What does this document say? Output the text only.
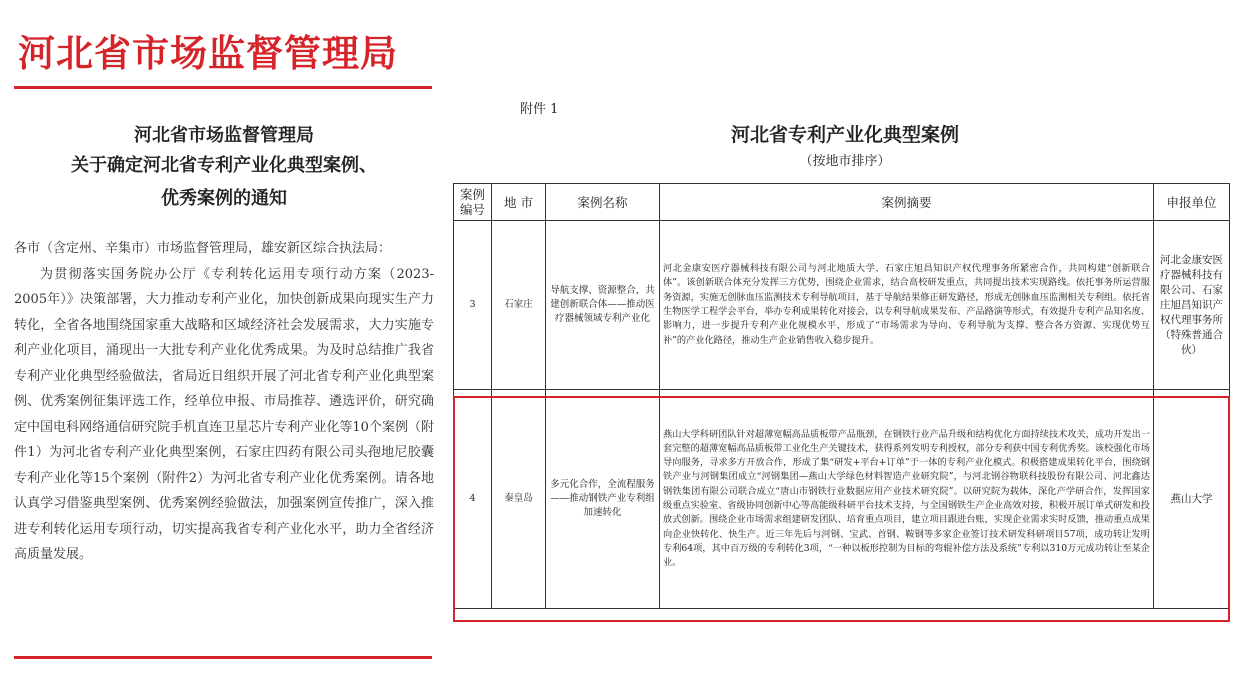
河北省市场监督管理局
河北省市场监督管理局
关于确定河北省专利产业化典型案例、
优秀案例的通知

各市（含定州、辛集市）市场监督管理局，雄安新区综合执法局：

为贯彻落实国务院办公厅《专利转化运用专项行动方案（2023-2005年）》决策部署，大力推动专利产业化，加快创新成果向现实生产力转化，全省各地围绕国家重大战略和区域经济社会发展需求，大力实施专利产业化项目，涌现出一大批专利产业化优秀成果。为及时总结推广我省专利产业化典型经验做法，省局近日组织开展了河北省专利产业化典型案例、优秀案例征集评选工作，经单位申报、市局推荐、遴选评价，研究确定中国电科网络通信研究院手机直连卫星芯片专利产业化等10个案例（附件1）为河北省专利产业化典型案例，石家庄四药有限公司头孢地尼胶囊专利产业化等15个案例（附件2）为河北省专利产业化优秀案例。请各地认真学习借鉴典型案例、优秀案例经验做法，加强案例宣传推广，深入推进专利转化运用专项行动，切实提高我省专利产业化水平，助力全省经济高质量发展。

附件 1
河北省专利产业化典型案例
（按地市排序）
案例编号	地 市	案例名称	案例摘要	申报单位
3	石家庄	导航支撑、资源整合，共建创新联合体——推动医疗器械领域专利产业化	河北金康安医疗器械科技有限公司与河北地质大学、石家庄旭昌知识产权代理事务所紧密合作，共同构建“创新联合体”。该创新联合体充分发挥三方优势，围绕企业需求，结合高校研发重点，共同提出技术实现路线。依托事务所运营服务资源，实施无创脉血压监测技术专利导航项目，基于导航结果修正研发路径，形成无创脉血压监测相关专利组。依托省生物医学工程学会平台，举办专利成果转化对接会，以专利导航成果发布、产品路演等形式，有效提升专利产品知名度、影响力，进一步提升专利产业化规模水平，形成了“市场需求为导向、专利导航为支撑、整合各方资源、实现优势互补”的产业化路径，推动生产企业销售收入稳步提升。	河北金康安医疗器械科技有限公司、石家庄旭昌知识产权代理事务所（特殊普通合伙）
4	秦皇岛	多元化合作，全流程服务——推动钢铁产业专利组加速转化	燕山大学科研团队针对超薄宽幅高品质板带产品瓶颈，在钢铁行业产品升级和结构优化方面持续技术攻关，成功开发出一套完整的超薄宽幅高品质板带工业化生产关键技术，获得系列发明专利授权，部分专利获中国专利优秀奖。该校强化市场导向服务，寻求多方开放合作，形成了集“研发+平台+订单”于一体的专利产业化模式。积极搭建成果转化平台，围绕钢铁产业与河钢集团成立“河钢集团—燕山大学绿色材料智造产业研究院”，与河北钢谷物联科技股份有限公司、河北鑫达钢铁集团有限公司联合成立“唐山市钢铁行业数据应用产业技术研究院”。以研究院为载体，深化产学研合作，发挥国家级重点实验室、省级协同创新中心等高能级科研平台技术支持，与全国钢铁生产企业高效对接，积极开展订单式研发和投放式创新。围绕企业市场需求组建研发团队、培育重点项目，建立项目跟进台账，实现企业需求实时反馈，推动重点成果向企业快转化、快生产。近三年先后与河钢、宝武、首钢、鞍钢等多家企业签订技术研发科研项目57项，成功转让发明专利64项，其中百万级的专利转化3项，“一种以板形控制为目标的弯辊补偿方法及系统”专利以310万元成功转让至某企业。	燕山大学
